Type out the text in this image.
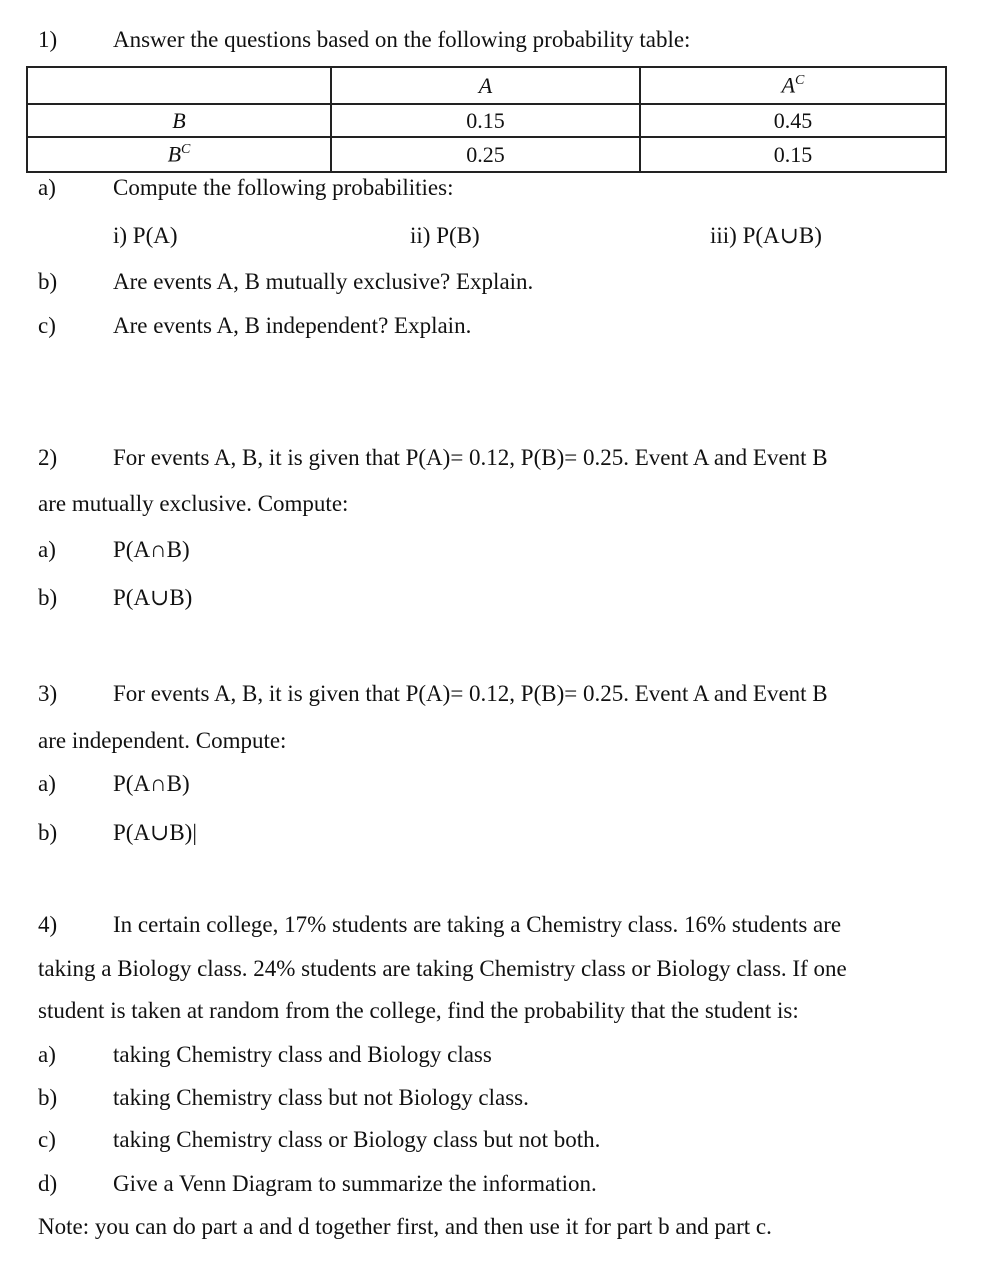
1) Answer the questions based on the following probability table:
	A	$A^C$
B	0.15	0.45
$B^C$	0.25	0.15
a) Compute the following probabilities:
i) P(A)	ii) P(B)	iii) P(A∪B)
b) Are events A, B mutually exclusive? Explain.
c) Are events A, B independent? Explain.
2) For events A, B, it is given that P(A)= 0.12, P(B)= 0.25. Event A and Event B
are mutually exclusive. Compute:
a) P(A∩B)
b) P(A∪B)
3) For events A, B, it is given that P(A)= 0.12, P(B)= 0.25. Event A and Event B
are independent. Compute:
a) P(A∩B)
b) P(A∪B)|
4) In certain college, 17% students are taking a Chemistry class. 16% students are
taking a Biology class. 24% students are taking Chemistry class or Biology class. If one
student is taken at random from the college, find the probability that the student is:
a) taking Chemistry class and Biology class
b) taking Chemistry class but not Biology class.
c) taking Chemistry class or Biology class but not both.
d) Give a Venn Diagram to summarize the information.
Note: you can do part a and d together first, and then use it for part b and part c.
